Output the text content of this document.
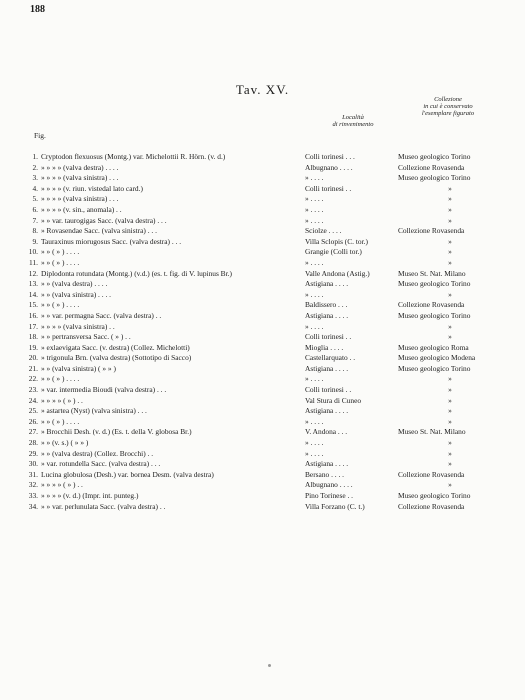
188
Tav. XV.
Fig.
Località
di rinvenimento
Collezione
in cui è conservato
l'esemplare figurato
1. Cryptodon flexuosus (Montg.) var. Michelottii R. Hörn. (v. d.)	Colli torinesi . . .	Museo geologico Torino
2. » » » » (valva destra) . . . .	Albugnano . . . .	Collezione Rovasenda
3. » » » » (valva sinistra) . . .	» . . . .	Museo geologico Torino
4. » » » » (v. riun. vistedal lato card.)	Colli torinesi . .	»
5. » » » » (valva sinistra) . . .	» . . . .	»
6. » » » » (v. sin., anomala) . .	» . . . .	»
7. » » var. taurogigas Sacc. (valva destra) . . .	» . . . .	»
8. » Rovasendae Sacc. (valva sinistra) . . .	Sciolze . . . .	Collezione Rovasenda
9. Tauraxinus miorugosus Sacc. (valva destra) . . .	Villa Sclopis (C. tor.)	»
10. » » ( » ) . . . .	Grangie (Colli tor.)	»
11. » » ( » ) . . . .	» . . . .	»
12. Diplodonta rotundata (Montg.) (v.d.) (es. t. fig. di V. lupinus Br.)	Valle Andona (Astig.)	Museo St. Nat. Milano
13. » » (valva destra) . . . .	Astigiana . . . .	Museo geologico Torino
14. » » (valva sinistra) . . . .	» . . . .	»
15. » » ( » ) . . . .	Baldissero . . .	Collezione Rovasenda
16. » » var. permagna Sacc. (valva destra) . .	Astigiana . . . .	Museo geologico Torino
17. » » » » (valva sinistra) . .	» . . . .	»
18. » » pertransversa Sacc. ( » ) . .	Colli torinesi . .	»
19. » exlaevigata Sacc. (v. destra) (Collez. Michelotti)	Mioglia . . . .	Museo geologico Roma
20. » trigonula Brn. (valva destra) (Sottotipo di Sacco)	Castellarquato . .	Museo geologico Modena
21. » » (valva sinistra) ( » » )	Astigiana . . . .	Museo geologico Torino
22. » » ( » ) . . . .	» . . . .	»
23. » var. intermedia Bioudi (valva destra) . . .	Colli torinesi . .	»
24. » » » » ( » ) . .	Val Stura di Cuneo	»
25. » astartea (Nyst) (valva sinistra) . . .	Astigiana . . . .	»
26. » » ( » ) . . . .	» . . . .	»
27. » Brocchii Desh. (v. d.) (Es. t. della V. globosa Br.)	V. Andona . . .	Museo St. Nat. Milano
28. » » (v. s.) ( » » )	» . . . .	»
29. » » (valva destra) (Collez. Brocchi) . .	» . . . .	»
30. » var. rotundella Sacc. (valva destra) . . .	Astigiana . . . .	»
31. Lucina globulosa (Desh.) var. bornea Desm. (valva destra)	Bersano . . . .	Collezione Rovasenda
32. » » » » ( » ) . .	Albugnano . . . .	»
33. » » » » (v. d.) (Impr. int. punteg.)	Pino Torinese . .	Museo geologico Torino
34. » » var. perlunulata Sacc. (valva destra) . .	Villa Forzano (C. t.)	Collezione Rovasenda
